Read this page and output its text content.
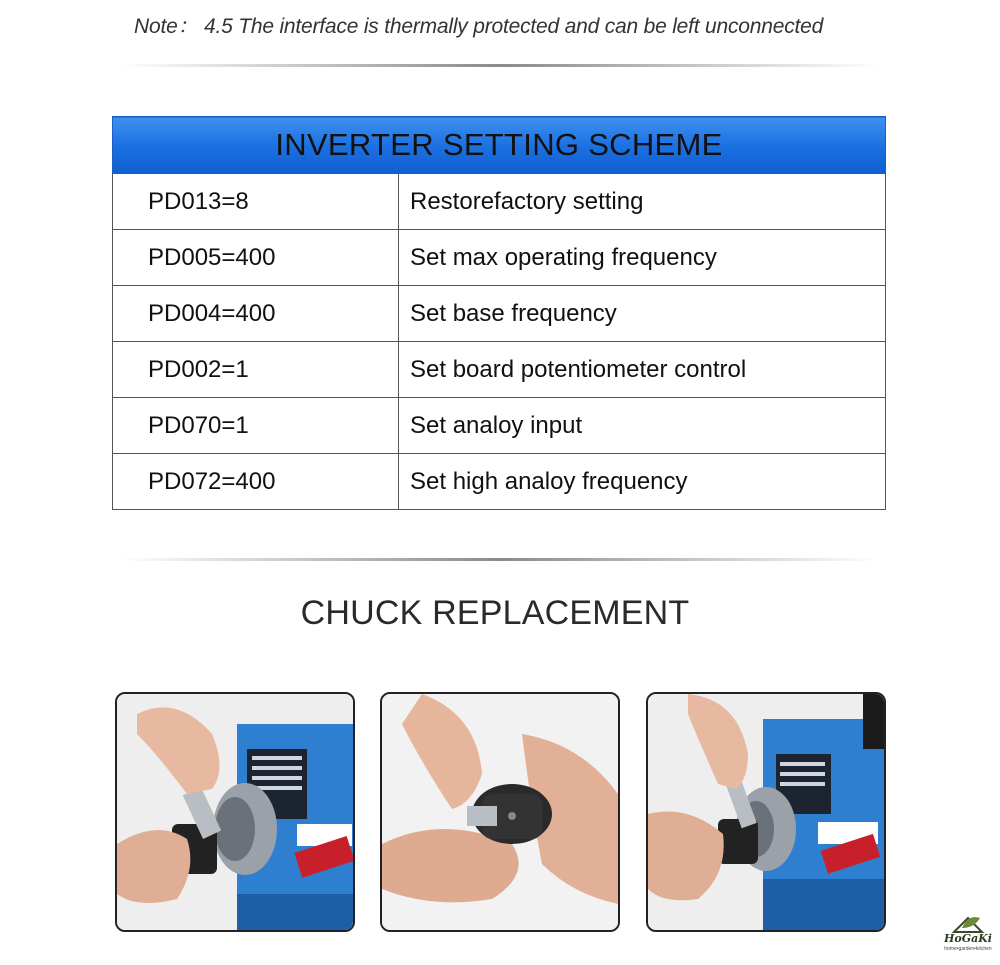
Note： 4.5 The interface is thermally protected and can be left unconnected
INVERTER SETTING SCHEME	
PD013=8	Restorefactory setting
PD005=400	Set max operating frequency
PD004=400	Set base frequency
PD002=1	Set board potentiometer control
PD070=1	Set analoy input
PD072=400	Set high analoy frequency
CHUCK REPLACEMENT
HoGaKi
home•garden•kitchen
